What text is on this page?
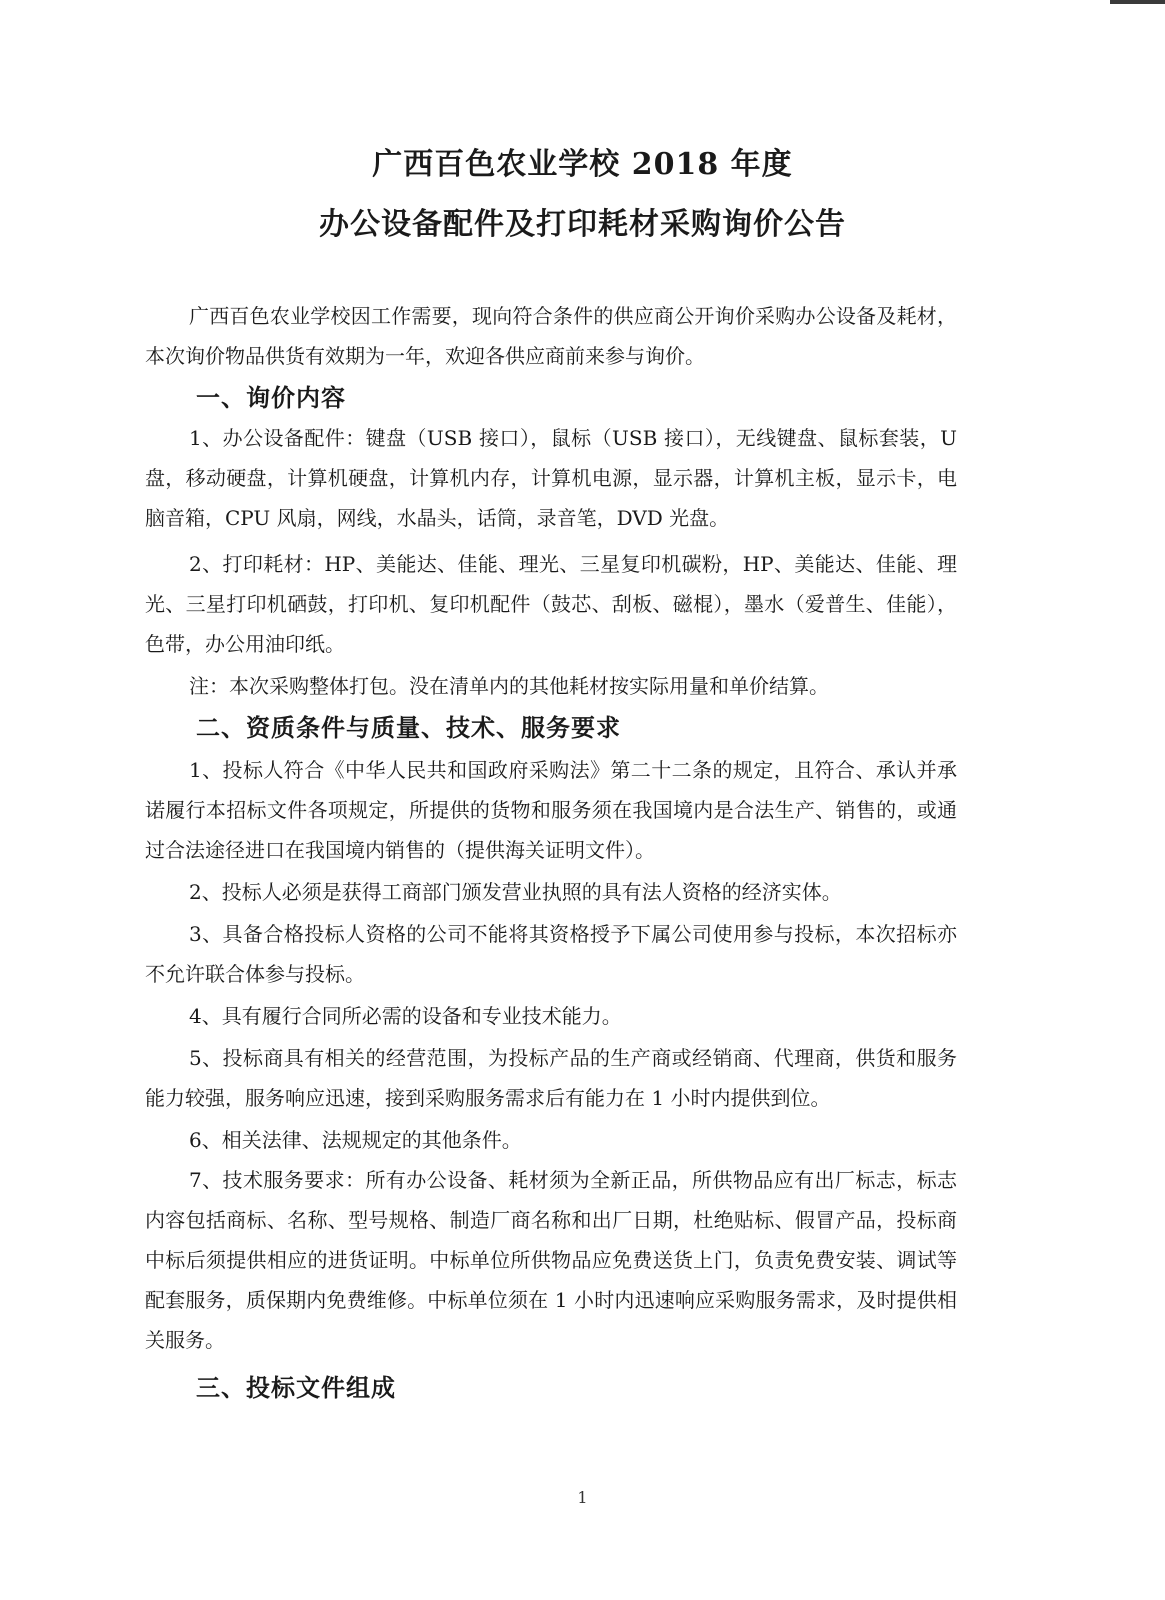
广西百色农业学校 2018 年度
办公设备配件及打印耗材采购询价公告

广西百色农业学校因工作需要，现向符合条件的供应商公开询价采购办公设备及耗材，本次询价物品供货有效期为一年，欢迎各供应商前来参与询价。

一、询价内容

1、办公设备配件：键盘（USB 接口），鼠标（USB 接口），无线键盘、鼠标套装，U 盘，移动硬盘，计算机硬盘，计算机内存，计算机电源，显示器，计算机主板，显示卡，电脑音箱，CPU 风扇，网线，水晶头，话筒，录音笔，DVD 光盘。

2、打印耗材：HP、美能达、佳能、理光、三星复印机碳粉，HP、美能达、佳能、理光、三星打印机硒鼓，打印机、复印机配件（鼓芯、刮板、磁棍），墨水（爱普生、佳能），色带，办公用油印纸。

注：本次采购整体打包。没在清单内的其他耗材按实际用量和单价结算。

二、资质条件与质量、技术、服务要求

1、投标人符合《中华人民共和国政府采购法》第二十二条的规定，且符合、承认并承诺履行本招标文件各项规定，所提供的货物和服务须在我国境内是合法生产、销售的，或通过合法途径进口在我国境内销售的（提供海关证明文件）。

2、投标人必须是获得工商部门颁发营业执照的具有法人资格的经济实体。

3、具备合格投标人资格的公司不能将其资格授予下属公司使用参与投标，本次招标亦不允许联合体参与投标。

4、具有履行合同所必需的设备和专业技术能力。

5、投标商具有相关的经营范围，为投标产品的生产商或经销商、代理商，供货和服务能力较强，服务响应迅速，接到采购服务需求后有能力在 1 小时内提供到位。

6、相关法律、法规规定的其他条件。

7、技术服务要求：所有办公设备、耗材须为全新正品，所供物品应有出厂标志，标志内容包括商标、名称、型号规格、制造厂商名称和出厂日期，杜绝贴标、假冒产品，投标商中标后须提供相应的进货证明。中标单位所供物品应免费送货上门，负责免费安装、调试等配套服务，质保期内免费维修。中标单位须在 1 小时内迅速响应采购服务需求，及时提供相关服务。

三、投标文件组成
1
